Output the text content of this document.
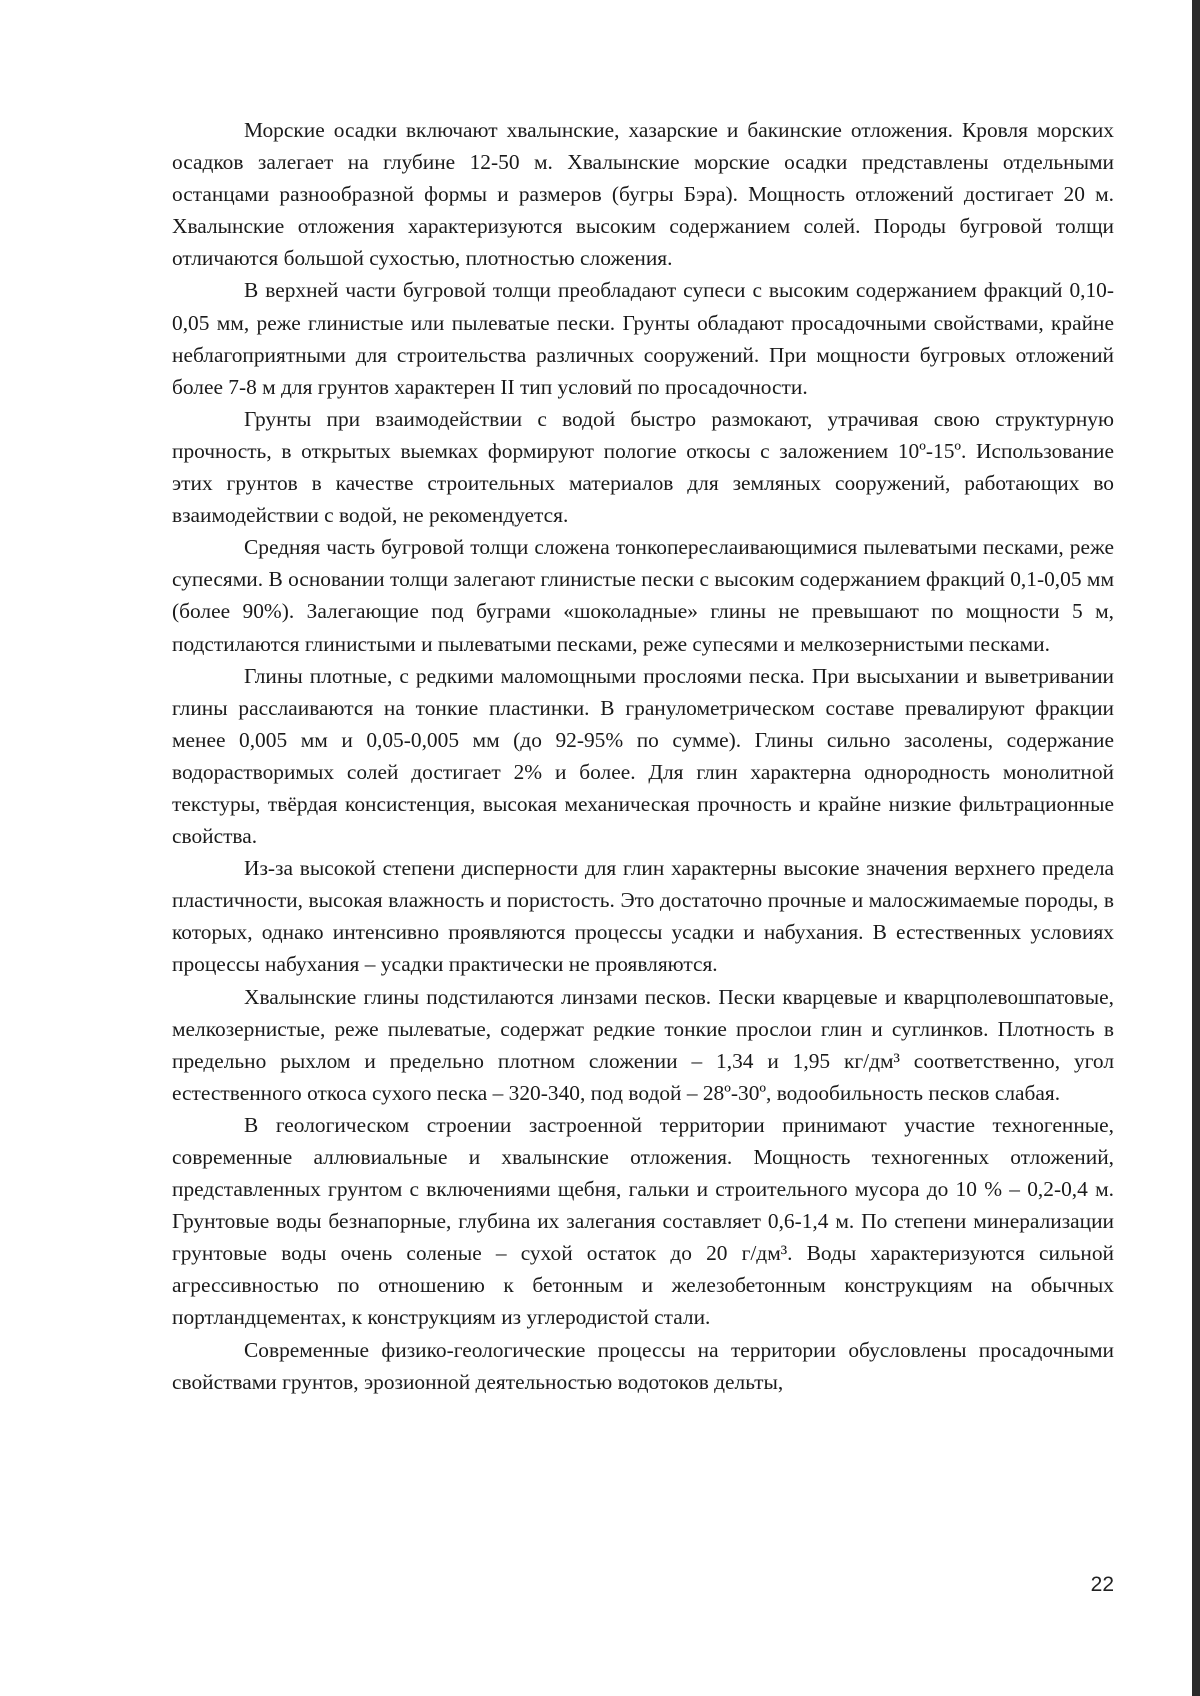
Морские осадки включают хвалынские, хазарские и бакинские отложения. Кровля морских осадков залегает на глубине 12-50 м. Хвалынские морские осадки представлены отдельными останцами разнообразной формы и размеров (бугры Бэра). Мощность отложений достигает 20 м. Хвалынские отложения характеризуются высоким содержанием солей. Породы бугровой толщи отличаются большой сухостью, плотностью сложения.

В верхней части бугровой толщи преобладают супеси с высоким содержанием фракций 0,10-0,05 мм, реже глинистые или пылеватые пески. Грунты обладают просадочными свойствами, крайне неблагоприятными для строительства различных сооружений. При мощности бугровых отложений более 7-8 м для грунтов характерен II тип условий по просадочности.

Грунты при взаимодействии с водой быстро размокают, утрачивая свою структурную прочность, в открытых выемках формируют пологие откосы с заложением 10º-15º. Использование этих грунтов в качестве строительных материалов для земляных сооружений, работающих во взаимодействии с водой, не рекомендуется.

Средняя часть бугровой толщи сложена тонкопереслаивающимися пылеватыми песками, реже супесями. В основании толщи залегают глинистые пески с высоким содержанием фракций 0,1-0,05 мм (более 90%). Залегающие под буграми «шоколадные» глины не превышают по мощности 5 м, подстилаются глинистыми и пылеватыми песками, реже супесями и мелкозернистыми песками.

Глины плотные, с редкими маломощными прослоями песка. При высыхании и выветривании глины расслаиваются на тонкие пластинки. В гранулометрическом составе превалируют фракции менее 0,005 мм и 0,05-0,005 мм (до 92-95% по сумме). Глины сильно засолены, содержание водорастворимых солей достигает 2% и более. Для глин характерна однородность монолитной текстуры, твёрдая консистенция, высокая механическая прочность и крайне низкие фильтрационные свойства.

Из-за высокой степени дисперности для глин характерны высокие значения верхнего предела пластичности, высокая влажность и пористость. Это достаточно прочные и малосжимаемые породы, в которых, однако интенсивно проявляются процессы усадки и набухания. В естественных условиях процессы набухания – усадки практически не проявляются.

Хвалынские глины подстилаются линзами песков. Пески кварцевые и кварцполевошпатовые, мелкозернистые, реже пылеватые, содержат редкие тонкие прослои глин и суглинков. Плотность в предельно рыхлом и предельно плотном сложении – 1,34 и 1,95 кг/дм³ соответственно, угол естественного откоса сухого песка – 320-340, под водой – 28º-30º, водообильность песков слабая.

В геологическом строении застроенной территории принимают участие техногенные, современные аллювиальные и хвалынские отложения. Мощность техногенных отложений, представленных грунтом с включениями щебня, гальки и строительного мусора до 10 % – 0,2-0,4 м. Грунтовые воды безнапорные, глубина их залегания составляет 0,6-1,4 м. По степени минерализации грунтовые воды очень соленые – сухой остаток до 20 г/дм³. Воды характеризуются сильной агрессивностью по отношению к бетонным и железобетонным конструкциям на обычных портландцементах, к конструкциям из углеродистой стали.

Современные физико-геологические процессы на территории обусловлены просадочными свойствами грунтов, эрозионной деятельностью водотоков дельты,

22
